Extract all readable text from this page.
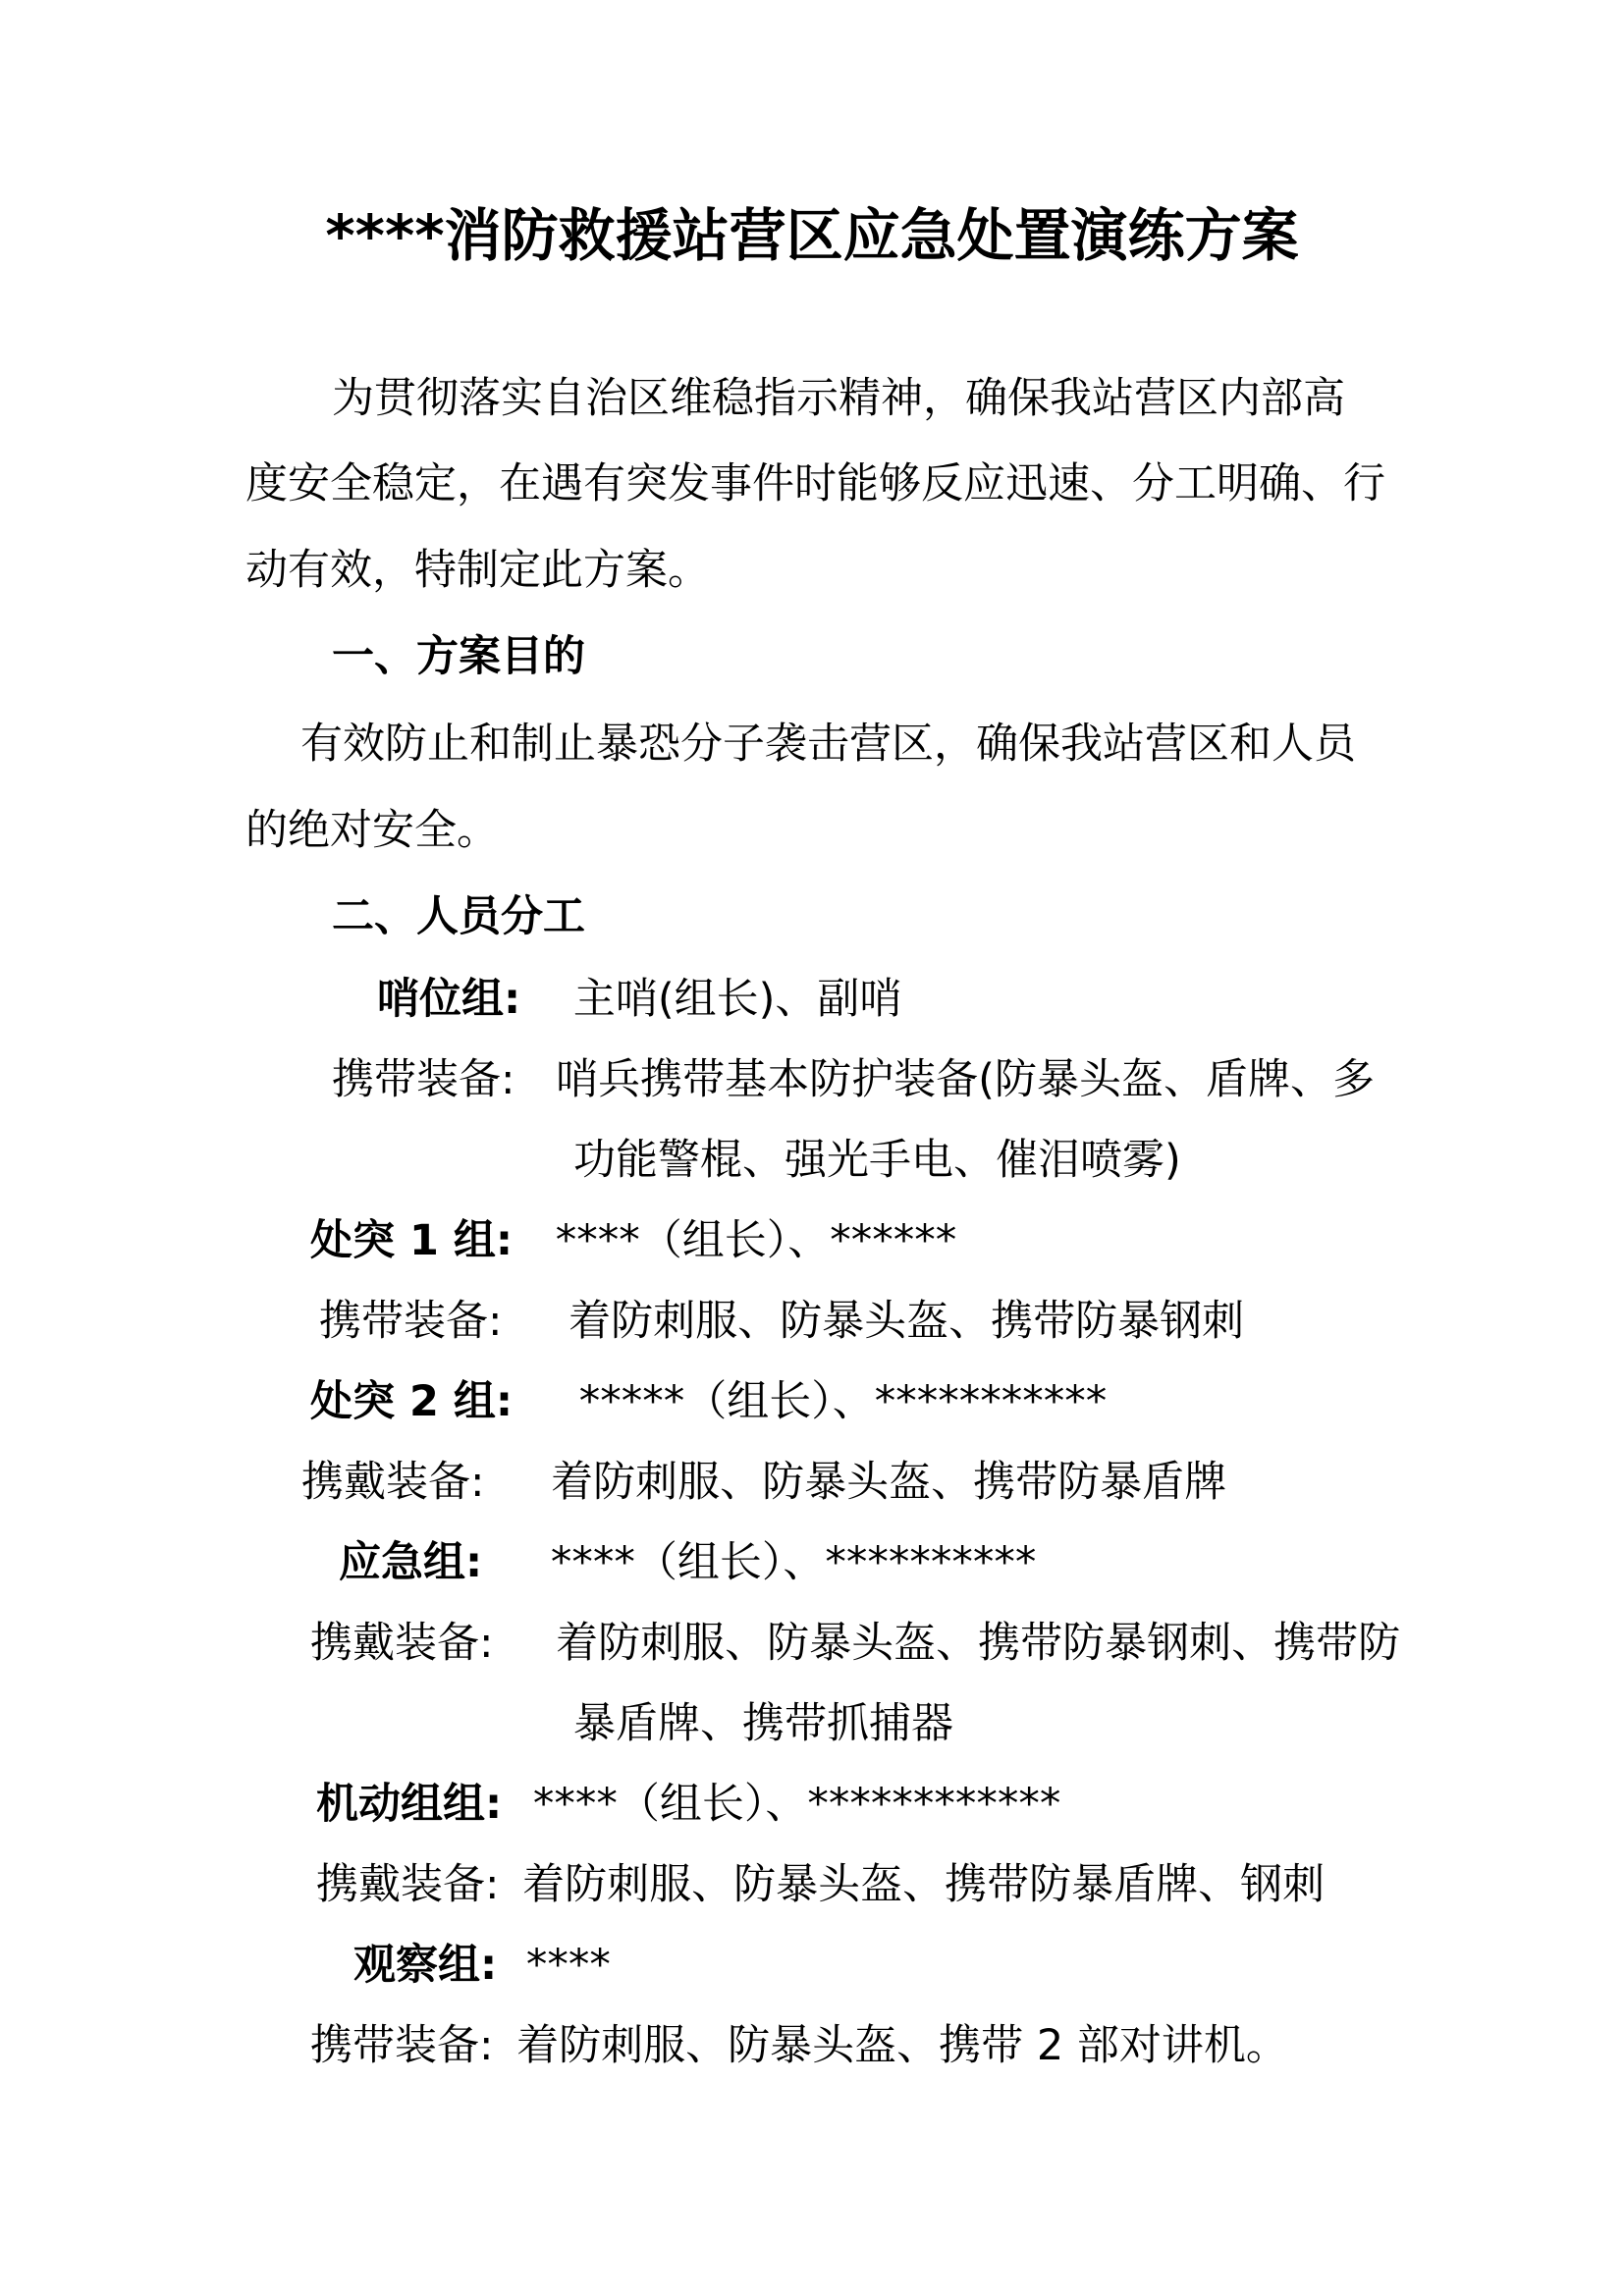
****消防救援站营区应急处置演练方案
为贯彻落实自治区维稳指示精神，确保我站营区内部高
度安全稳定，在遇有突发事件时能够反应迅速、分工明确、行
动有效，特制定此方案。
一、方案目的
有效防止和制止暴恐分子袭击营区，确保我站营区和人员
的绝对安全。
二、人员分工
哨位组: 主哨(组长)、副哨
携带装备: 哨兵携带基本防护装备(防暴头盔、盾牌、多
功能警棍、强光手电、催泪喷雾)
处突 1 组: ****（组长）、******
携带装备: 着防刺服、防暴头盔、携带防暴钢刺
处突 2 组: *****（组长）、***********
携戴装备: 着防刺服、防暴头盔、携带防暴盾牌
应急组: ****（组长）、**********
携戴装备: 着防刺服、防暴头盔、携带防暴钢刺、携带防
暴盾牌、携带抓捕器
机动组组: ****（组长）、************
携戴装备: 着防刺服、防暴头盔、携带防暴盾牌、钢刺
观察组: ****
携带装备: 着防刺服、防暴头盔、携带 2 部对讲机。
